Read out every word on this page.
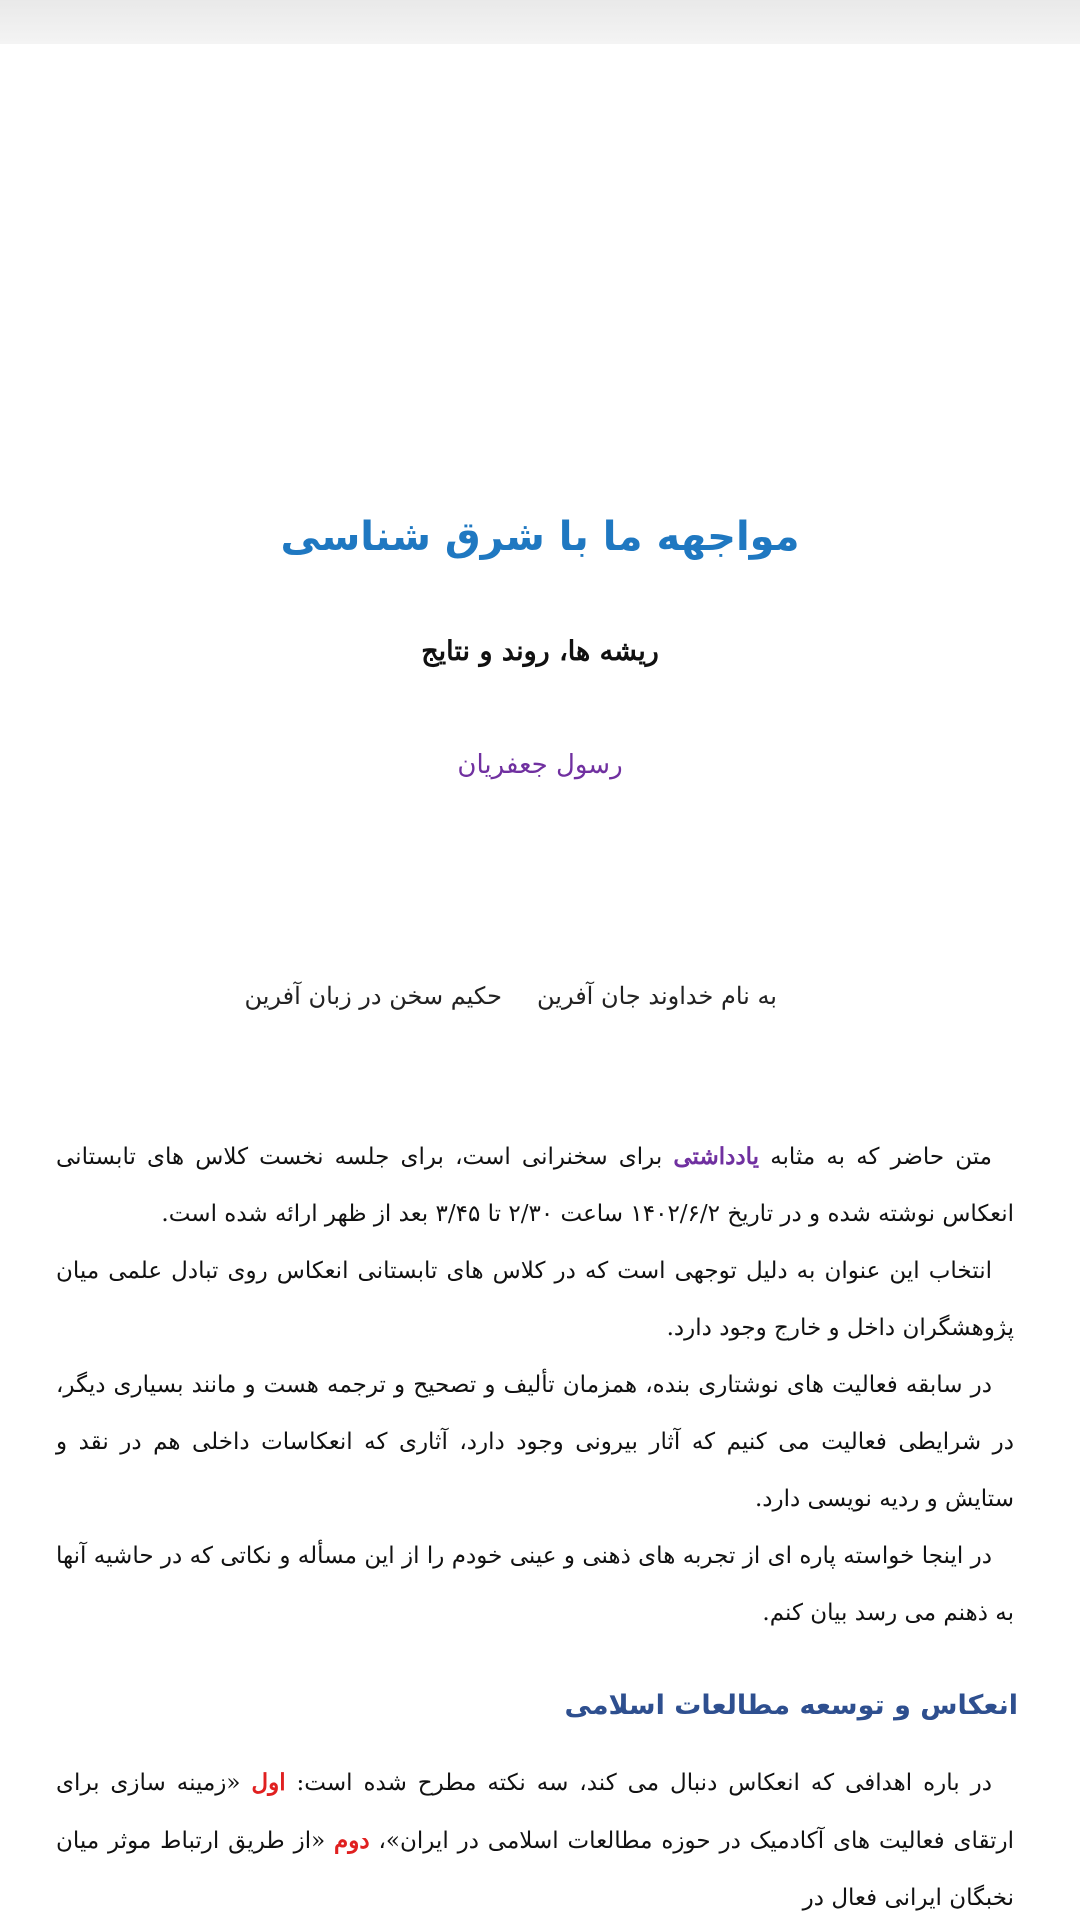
مواجهه ما با شرق شناسی
ریشه ها، روند و نتایج
رسول جعفریان
به نام خداوند جان آفرین
حکیم سخن در زبان آفرین

متن حاضر که به مثابه یادداشتی برای سخنرانی است، برای جلسه نخست کلاس های تابستانی انعکاس نوشته شده و در تاریخ ۱۴۰۲/۶/۲ ساعت ۲/۳۰ تا ۳/۴۵ بعد از ظهر ارائه شده است.

انتخاب این عنوان به دلیل توجهی است که در کلاس های تابستانی انعکاس روی تبادل علمی میان پژوهشگران داخل و خارج وجود دارد.

در سابقه فعالیت های نوشتاری بنده، همزمان تألیف و تصحیح و ترجمه هست و مانند بسیاری دیگر، در شرایطی فعالیت می کنیم که آثار بیرونی وجود دارد، آثاری که انعکاسات داخلی هم در نقد و ستایش و ردیه نویسی دارد.

در اینجا خواسته پاره ای از تجربه های ذهنی و عینی خودم را از این مسأله و نکاتی که در حاشیه آنها به ذهنم می رسد بیان کنم.

انعکاس و توسعه مطالعات اسلامی

در باره اهدافی که انعکاس دنبال می کند، سه نکته مطرح شده است: اول «زمینه سازی برای ارتقای فعالیت های آکادمیک در حوزه مطالعات اسلامی در ایران»، دوم «از طریق ارتباط موثر میان نخبگان ایرانی فعال در
